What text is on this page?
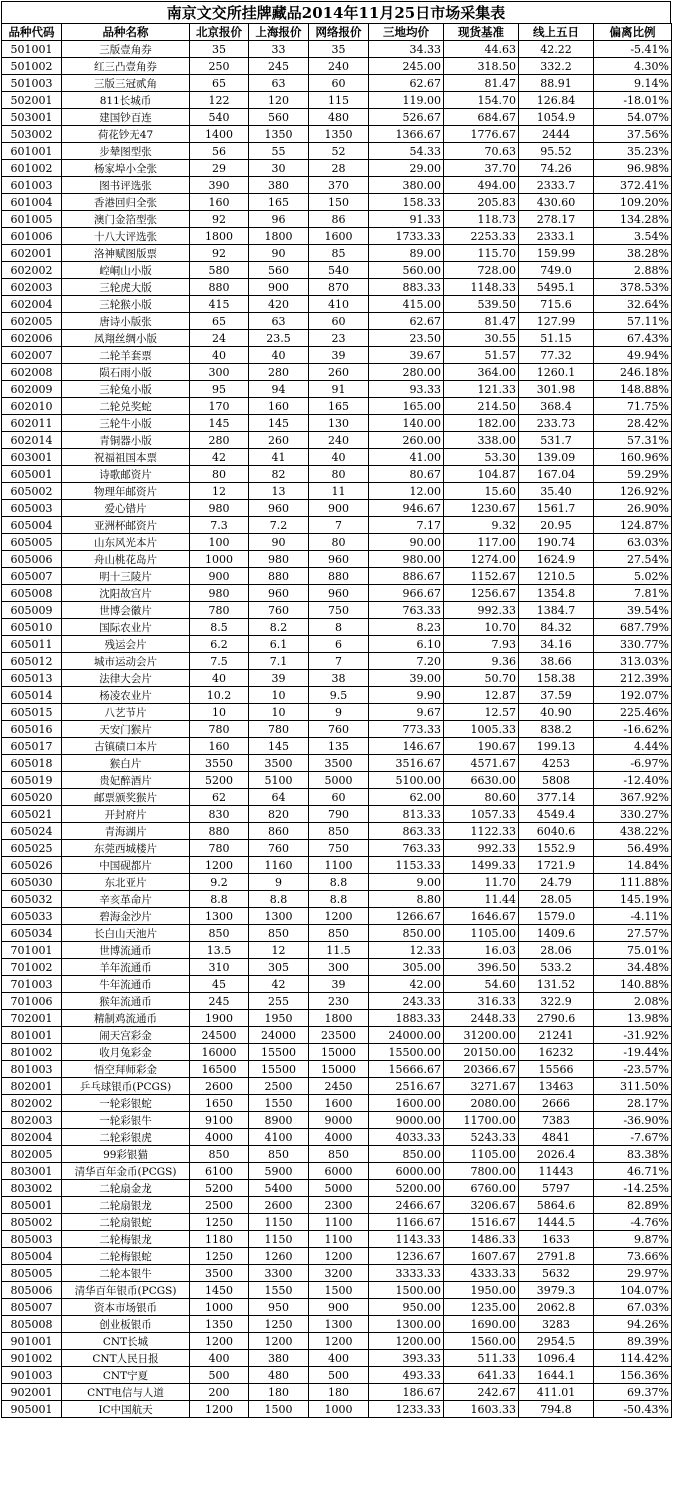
南京文交所挂牌藏品2014年11月25日市场采集表
品种代码	品种名称	北京报价	上海报价	网络报价	三地均价	现货基准	线上五日	偏离比例
501001	三版壹角券	35	33	35	34.33	44.63	42.22	-5.41%
501002	红三凸壹角券	250	245	240	245.00	318.50	332.2	4.30%
501003	三版三冠贰角	65	63	60	62.67	81.47	88.91	9.14%
502001	811长城币	122	120	115	119.00	154.70	126.84	-18.01%
503001	建国钞百连	540	560	480	526.67	684.67	1054.9	54.07%
503002	荷花钞无47	1400	1350	1350	1366.67	1776.67	2444	37.56%
601001	步辇图型张	56	55	52	54.33	70.63	95.52	35.23%
601002	杨家埠小全张	29	30	28	29.00	37.70	74.26	96.98%
601003	图书评选张	390	380	370	380.00	494.00	2333.7	372.41%
601004	香港回归全张	160	165	150	158.33	205.83	430.60	109.20%
601005	澳门金箔型张	92	96	86	91.33	118.73	278.17	134.28%
601006	十八大评选张	1800	1800	1600	1733.33	2253.33	2333.1	3.54%
602001	洛神赋图版票	92	90	85	89.00	115.70	159.99	38.28%
602002	崆峒山小版	580	560	540	560.00	728.00	749.0	2.88%
602003	三轮虎大版	880	900	870	883.33	1148.33	5495.1	378.53%
602004	三轮猴小版	415	420	410	415.00	539.50	715.6	32.64%
602005	唐诗小版张	65	63	60	62.67	81.47	127.99	57.11%
602006	凤翔丝绸小版	24	23.5	23	23.50	30.55	51.15	67.43%
602007	二轮羊套票	40	40	39	39.67	51.57	77.32	49.94%
602008	陨石雨小版	300	280	260	280.00	364.00	1260.1	246.18%
602009	三轮兔小版	95	94	91	93.33	121.33	301.98	148.88%
602010	二轮兑奖蛇	170	160	165	165.00	214.50	368.4	71.75%
602011	三轮牛小版	145	145	130	140.00	182.00	233.73	28.42%
602014	青铜器小版	280	260	240	260.00	338.00	531.7	57.31%
603001	祝福祖国本票	42	41	40	41.00	53.30	139.09	160.96%
605001	诗歌邮资片	80	82	80	80.67	104.87	167.04	59.29%
605002	物理年邮资片	12	13	11	12.00	15.60	35.40	126.92%
605003	爱心错片	980	960	900	946.67	1230.67	1561.7	26.90%
605004	亚洲杯邮资片	7.3	7.2	7	7.17	9.32	20.95	124.87%
605005	山东风光本片	100	90	80	90.00	117.00	190.74	63.03%
605006	舟山桃花岛片	1000	980	960	980.00	1274.00	1624.9	27.54%
605007	明十三陵片	900	880	880	886.67	1152.67	1210.5	5.02%
605008	沈阳故宫片	980	960	960	966.67	1256.67	1354.8	7.81%
605009	世博会徽片	780	760	750	763.33	992.33	1384.7	39.54%
605010	国际农业片	8.5	8.2	8	8.23	10.70	84.32	687.79%
605011	残运会片	6.2	6.1	6	6.10	7.93	34.16	330.77%
605012	城市运动会片	7.5	7.1	7	7.20	9.36	38.66	313.03%
605013	法律大会片	40	39	38	39.00	50.70	158.38	212.39%
605014	杨凌农业片	10.2	10	9.5	9.90	12.87	37.59	192.07%
605015	八艺节片	10	10	9	9.67	12.57	40.90	225.46%
605016	天安门猴片	780	780	760	773.33	1005.33	838.2	-16.62%
605017	古镇碛口本片	160	145	135	146.67	190.67	199.13	4.44%
605018	猴白片	3550	3500	3500	3516.67	4571.67	4253	-6.97%
605019	贵妃醉酒片	5200	5100	5000	5100.00	6630.00	5808	-12.40%
605020	邮票颁奖猴片	62	64	60	62.00	80.60	377.14	367.92%
605021	开封府片	830	820	790	813.33	1057.33	4549.4	330.27%
605024	青海湖片	880	860	850	863.33	1122.33	6040.6	438.22%
605025	东莞西城楼片	780	760	750	763.33	992.33	1552.9	56.49%
605026	中国砚都片	1200	1160	1100	1153.33	1499.33	1721.9	14.84%
605030	东北亚片	9.2	9	8.8	9.00	11.70	24.79	111.88%
605032	辛亥革命片	8.8	8.8	8.8	8.80	11.44	28.05	145.19%
605033	碧海金沙片	1300	1300	1200	1266.67	1646.67	1579.0	-4.11%
605034	长白山天池片	850	850	850	850.00	1105.00	1409.6	27.57%
701001	世博流通币	13.5	12	11.5	12.33	16.03	28.06	75.01%
701002	羊年流通币	310	305	300	305.00	396.50	533.2	34.48%
701003	牛年流通币	45	42	39	42.00	54.60	131.52	140.88%
701006	猴年流通币	245	255	230	243.33	316.33	322.9	2.08%
702001	精制鸡流通币	1900	1950	1800	1883.33	2448.33	2790.6	13.98%
801001	闹天宫彩金	24500	24000	23500	24000.00	31200.00	21241	-31.92%
801002	收月兔彩金	16000	15500	15000	15500.00	20150.00	16232	-19.44%
801003	悟空拜师彩金	16500	15500	15000	15666.67	20366.67	15566	-23.57%
802001	乒乓球银币(PCGS)	2600	2500	2450	2516.67	3271.67	13463	311.50%
802002	一轮彩银蛇	1650	1550	1600	1600.00	2080.00	2666	28.17%
802003	一轮彩银牛	9100	8900	9000	9000.00	11700.00	7383	-36.90%
802004	二轮彩银虎	4000	4100	4000	4033.33	5243.33	4841	-7.67%
802005	99彩银猫	850	850	850	850.00	1105.00	2026.4	83.38%
803001	清华百年金币(PCGS)	6100	5900	6000	6000.00	7800.00	11443	46.71%
803002	二轮扇金龙	5200	5400	5000	5200.00	6760.00	5797	-14.25%
805001	二轮扇银龙	2500	2600	2300	2466.67	3206.67	5864.6	82.89%
805002	二轮扇银蛇	1250	1150	1100	1166.67	1516.67	1444.5	-4.76%
805003	二轮梅银龙	1180	1150	1100	1143.33	1486.33	1633	9.87%
805004	二轮梅银蛇	1250	1260	1200	1236.67	1607.67	2791.8	73.66%
805005	二轮本银牛	3500	3300	3200	3333.33	4333.33	5632	29.97%
805006	清华百年银币(PCGS)	1450	1550	1500	1500.00	1950.00	3979.3	104.07%
805007	资本市场银币	1000	950	900	950.00	1235.00	2062.8	67.03%
805008	创业板银币	1350	1250	1300	1300.00	1690.00	3283	94.26%
901001	CNT长城	1200	1200	1200	1200.00	1560.00	2954.5	89.39%
901002	CNT人民日报	400	380	400	393.33	511.33	1096.4	114.42%
901003	CNT宁夏	500	480	500	493.33	641.33	1644.1	156.36%
902001	CNT电信与人道	200	180	180	186.67	242.67	411.01	69.37%
905001	IC中国航天	1200	1500	1000	1233.33	1603.33	794.8	-50.43%
